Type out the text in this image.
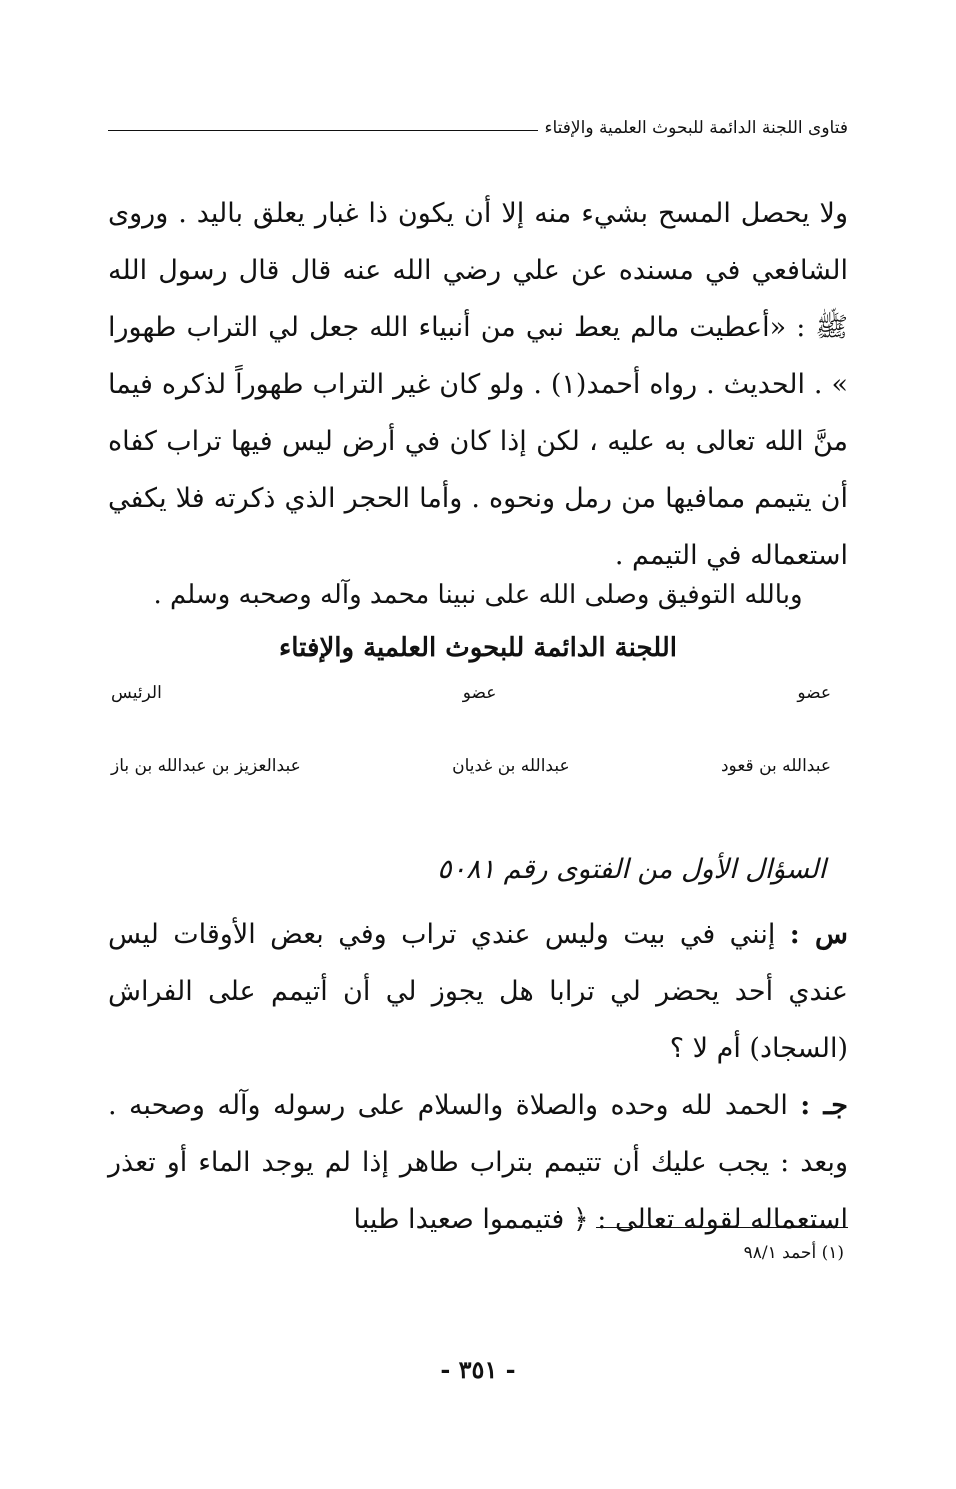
فتاوى اللجنة الدائمة للبحوث العلمية والإفتاء

ولا يحصل المسح بشيء منه إلا أن يكون ذا غبار يعلق باليد . وروى الشافعي في مسنده عن علي رضي الله عنه قال قال رسول الله ﷺ : «أعطيت مالم يعط نبي من أنبياء الله جعل لي التراب طهورا » . الحديث . رواه أحمد(١) . ولو كان غير التراب طهوراً لذكره فيما منَّ الله تعالى به عليه ، لكن إذا كان في أرض ليس فيها تراب كفاه أن يتيمم ممافيها من رمل ونحوه . وأما الحجر الذي ذكرته فلا يكفي استعماله في التيمم .

وبالله التوفيق وصلى الله على نبينا محمد وآله وصحبه وسلم .
اللجنة الدائمة للبحوث العلمية والإفتاء
عضو
عضو
الرئيس
عبدالله بن قعود
عبدالله بن غديان
عبدالعزيز بن عبدالله بن باز
السؤال الأول من الفتوى رقم ٥٠٨١

س : إنني في بيت وليس عندي تراب وفي بعض الأوقات ليس عندي أحد يحضر لي ترابا هل يجوز لي أن أتيمم على الفراش (السجاد) أم لا ؟

جـ : الحمد لله وحده والصلاة والسلام على رسوله وآله وصحبه . وبعد : يجب عليك أن تتيمم بتراب طاهر إذا لم يوجد الماء أو تعذر استعماله لقوله تعالى : ﴿ فتيمموا صعيدا طيبا

(١) أحمد ٩٨/١
- ٣٥١ -
